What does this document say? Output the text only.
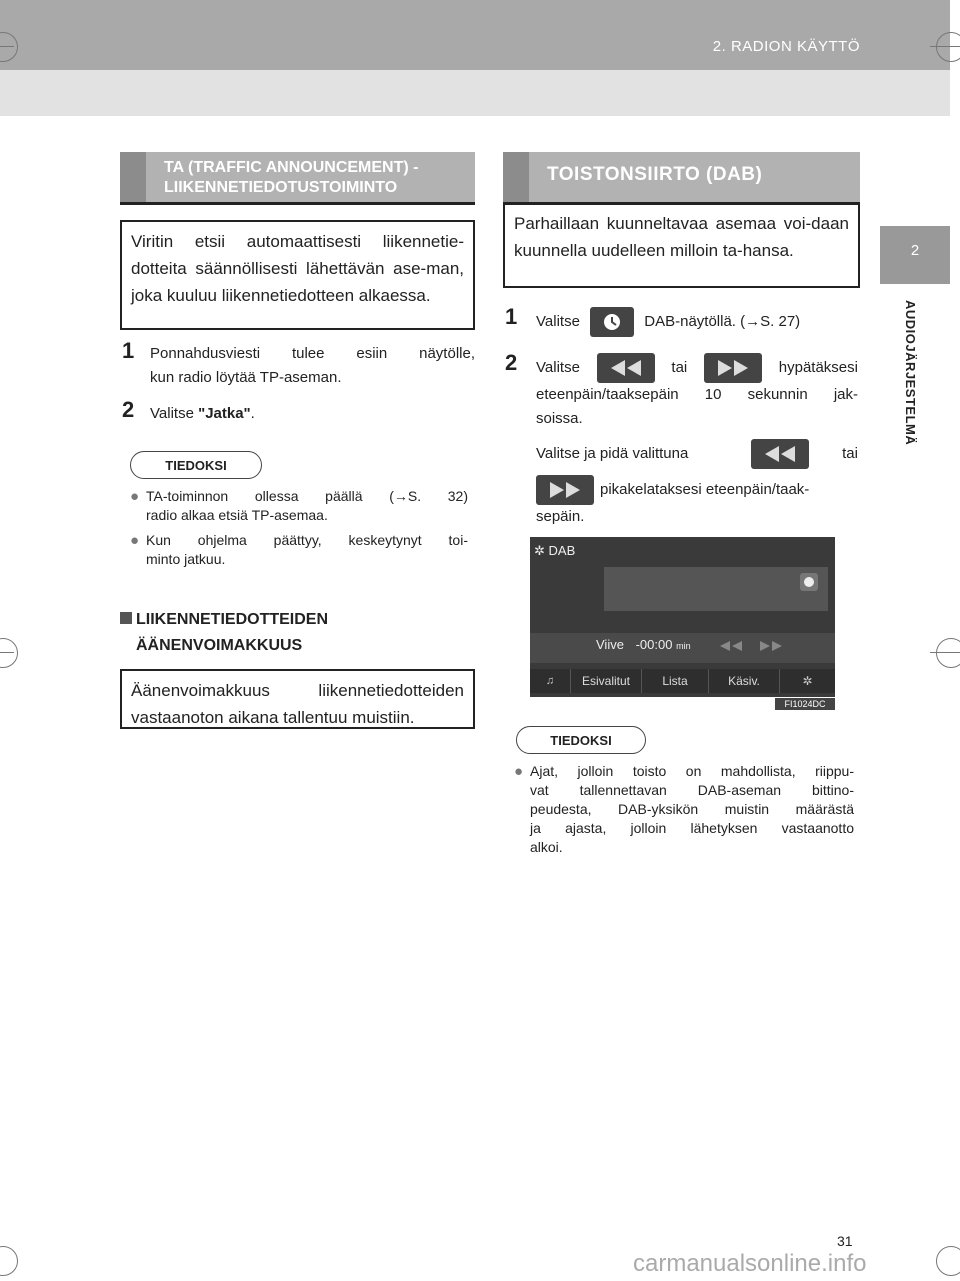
2. RADION KÄYTTÖ
2
AUDIOJÄRJESTELMÄ
TA (TRAFFIC ANNOUNCEMENT) -
LIIKENNETIEDOTUSTOIMINTO
Viritin etsii automaattisesti liikennetie-dotteita säännöllisesti lähettävän ase-man, joka kuuluu liikennetiedotteen alkaessa.
1 Ponnahdusviesti tulee esiin näytölle,
kun radio löytää TP-aseman.
2 Valitse "Jatka".
TIEDOKSI
● TA-toiminnon ollessa päällä (→S. 32)
radio alkaa etsiä TP-asemaa.
● Kun ohjelma päättyy, keskeytynyt toi-
minto jatkuu.
LIIKENNETIEDOTTEIDEN
ÄÄNENVOIMAKKUUS
Äänenvoimakkuus liikennetiedotteiden vastaanoton aikana tallentuu muistiin.
TOISTONSIIRTO (DAB)
Parhaillaan kuunneltavaa asemaa voi-daan kuunnella uudelleen milloin ta-hansa.
1 Valitse	DAB-näytöllä. (→S. 27)
2 Valitse	tai	hypätäksesi
eteenpäin/taaksepäin 10 sekunnin jak-
soissa.
Valitse ja pidä valittuna	tai
pikakelataksesi eteenpäin/taak-
sepäin.
✲ DAB
Viive -00:00 min
♫	Esivalitut	Lista	Käsiv.	✲
FI1024DC
TIEDOKSI
● Ajat, jolloin toisto on mahdollista, riippu-
vat tallennettavan DAB-aseman bittino-
peudesta, DAB-yksikön muistin määrästä
ja ajasta, jolloin lähetyksen vastaanotto
alkoi.
31
carmanualsonline.info
